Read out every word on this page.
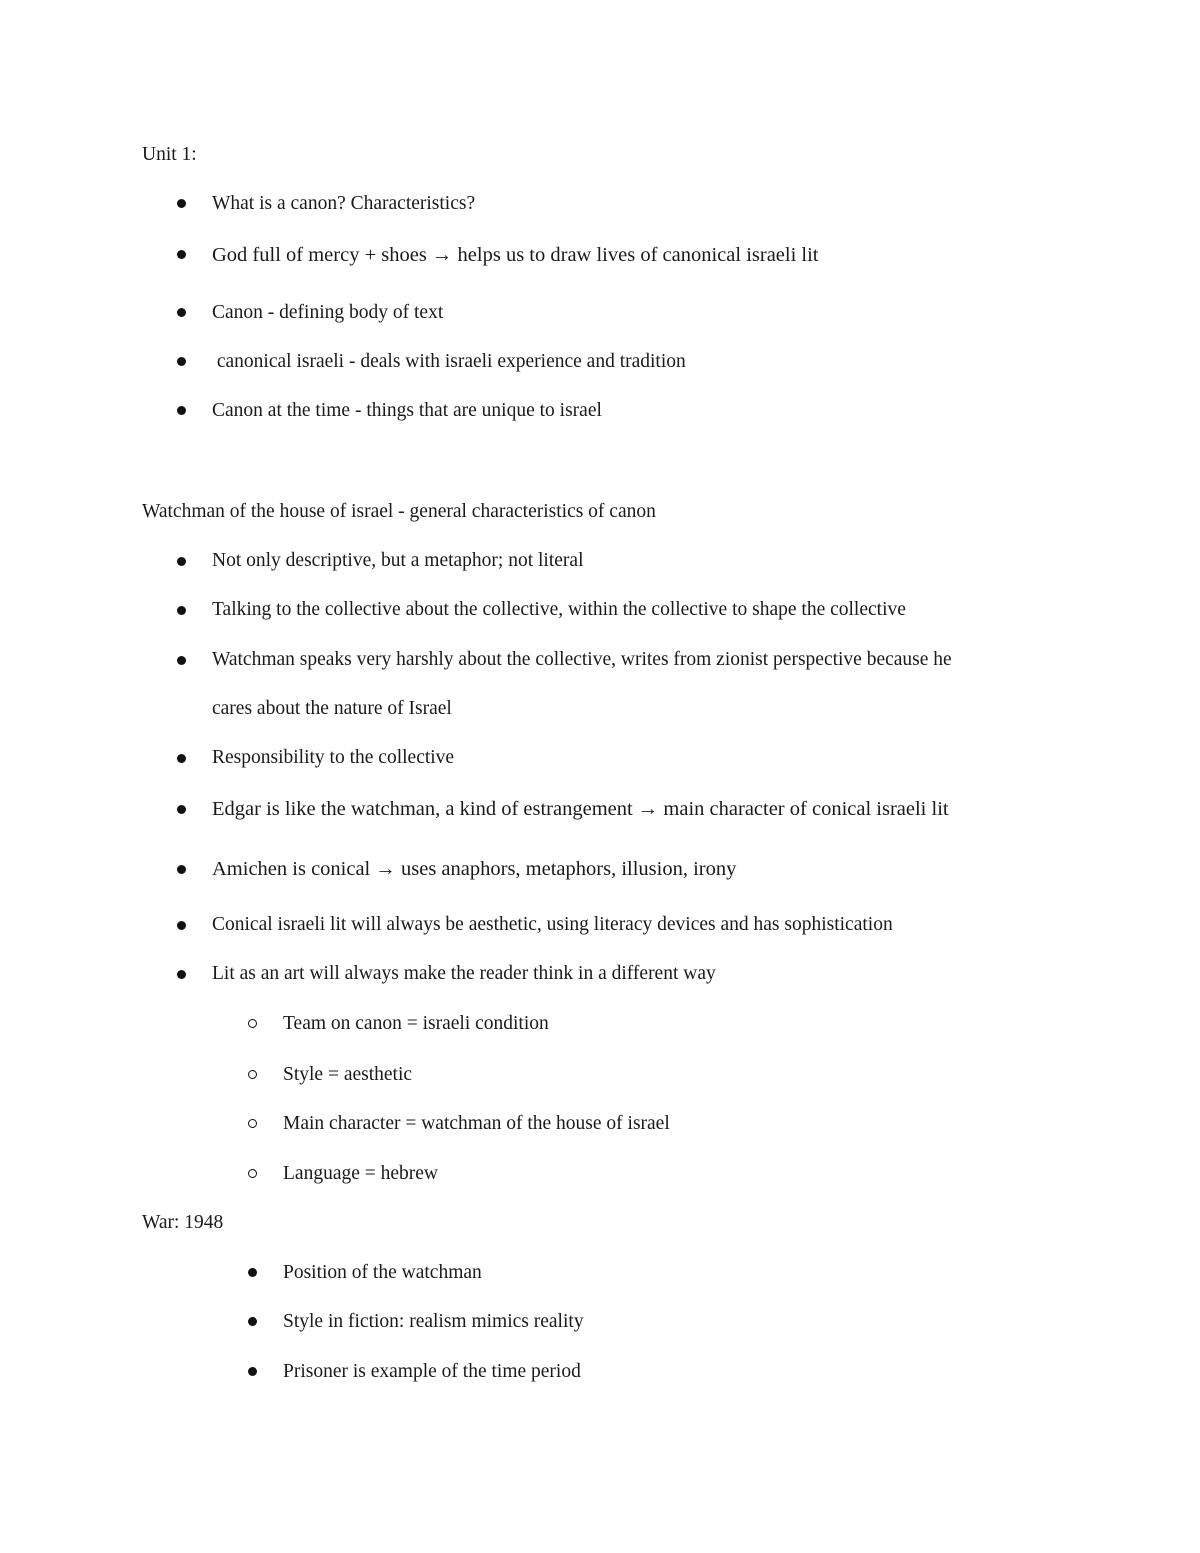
Unit 1:
What is a canon? Characteristics?
God full of mercy + shoes → helps us to draw lives of canonical israeli lit
Canon - defining body of text
canonical israeli - deals with israeli experience and tradition
Canon at the time - things that are unique to israel
Watchman of the house of israel - general characteristics of canon
Not only descriptive, but a metaphor; not literal
Talking to the collective about the collective, within the collective to shape the collective
Watchman speaks very harshly about the collective, writes from zionist perspective because he
cares about the nature of Israel
Responsibility to the collective
Edgar is like the watchman, a kind of estrangement → main character of conical israeli lit
Amichen is conical → uses anaphors, metaphors, illusion, irony
Conical israeli lit will always be aesthetic, using literacy devices and has sophistication
Lit as an art will always make the reader think in a different way
Team on canon = israeli condition
Style = aesthetic
Main character = watchman of the house of israel
Language = hebrew
War: 1948
Position of the watchman
Style in fiction: realism mimics reality
Prisoner is example of the time period
